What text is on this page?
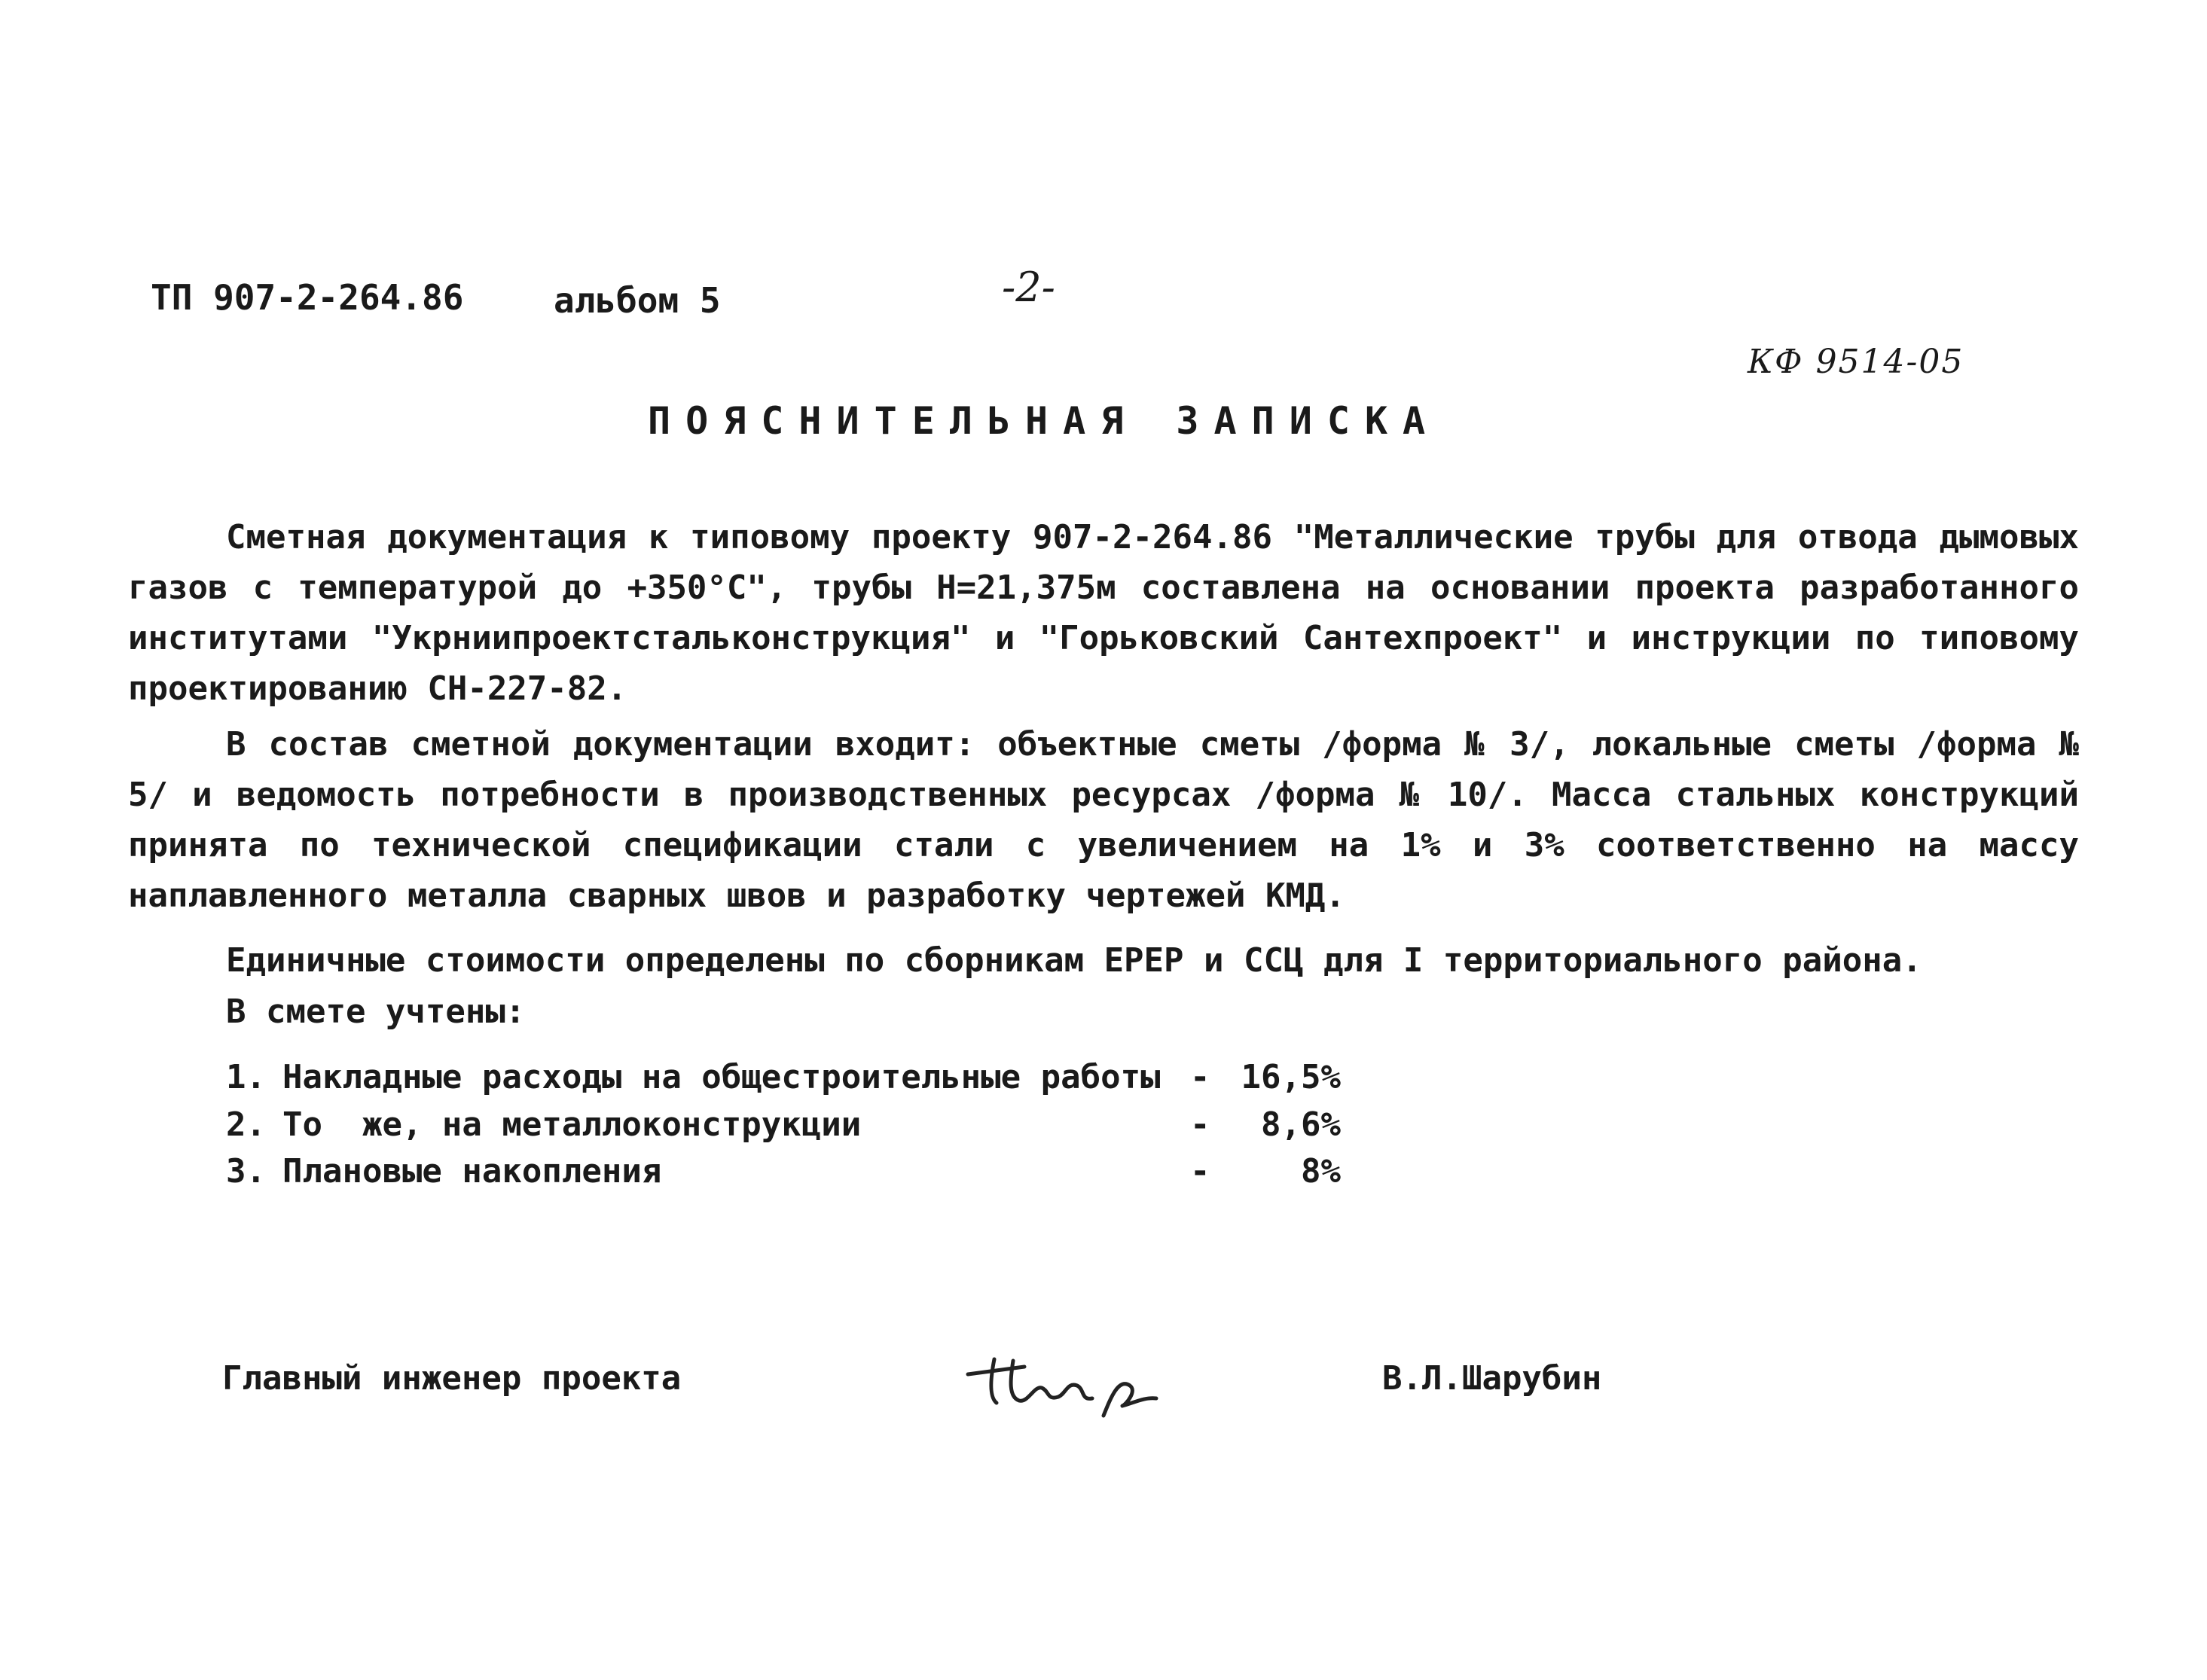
ТП 907-2-264.86	альбом 5	-2-
КФ 9514-05
ПОЯСНИТЕЛЬНАЯ ЗАПИСКА
Сметная документация к типовому проекту 907-2-264.86 "Металлические трубы для отвода дымовых газов с температурой до +350°С", трубы Н=21,375м составлена на основании проекта разработанного институтами "Укрниипроектстальконструкция" и "Горьковский Сантехпроект" и инструкции по типовому проектированию СН-227-82.
В состав сметной документации входит: объектные сметы /форма № 3/, локальные сметы /форма № 5/ и ведомость потребности в производственных ресурсах /форма № 10/. Масса стальных конструкций принята по технической спецификации стали с увеличением на 1% и 3% соответственно на массу наплавленного металла сварных швов и разработку чертежей КМД.
Единичные стоимости определены по сборникам ЕРЕР и ССЦ для I территориального района.
В смете учтены:
1. Накладные расходы на общестроительные работы - 16,5%
2. То  же, на металлоконструкции	- 8,6%
3. Плановые накопления	-	8%
Главный инженер проекта	В.Л.Шарубин
